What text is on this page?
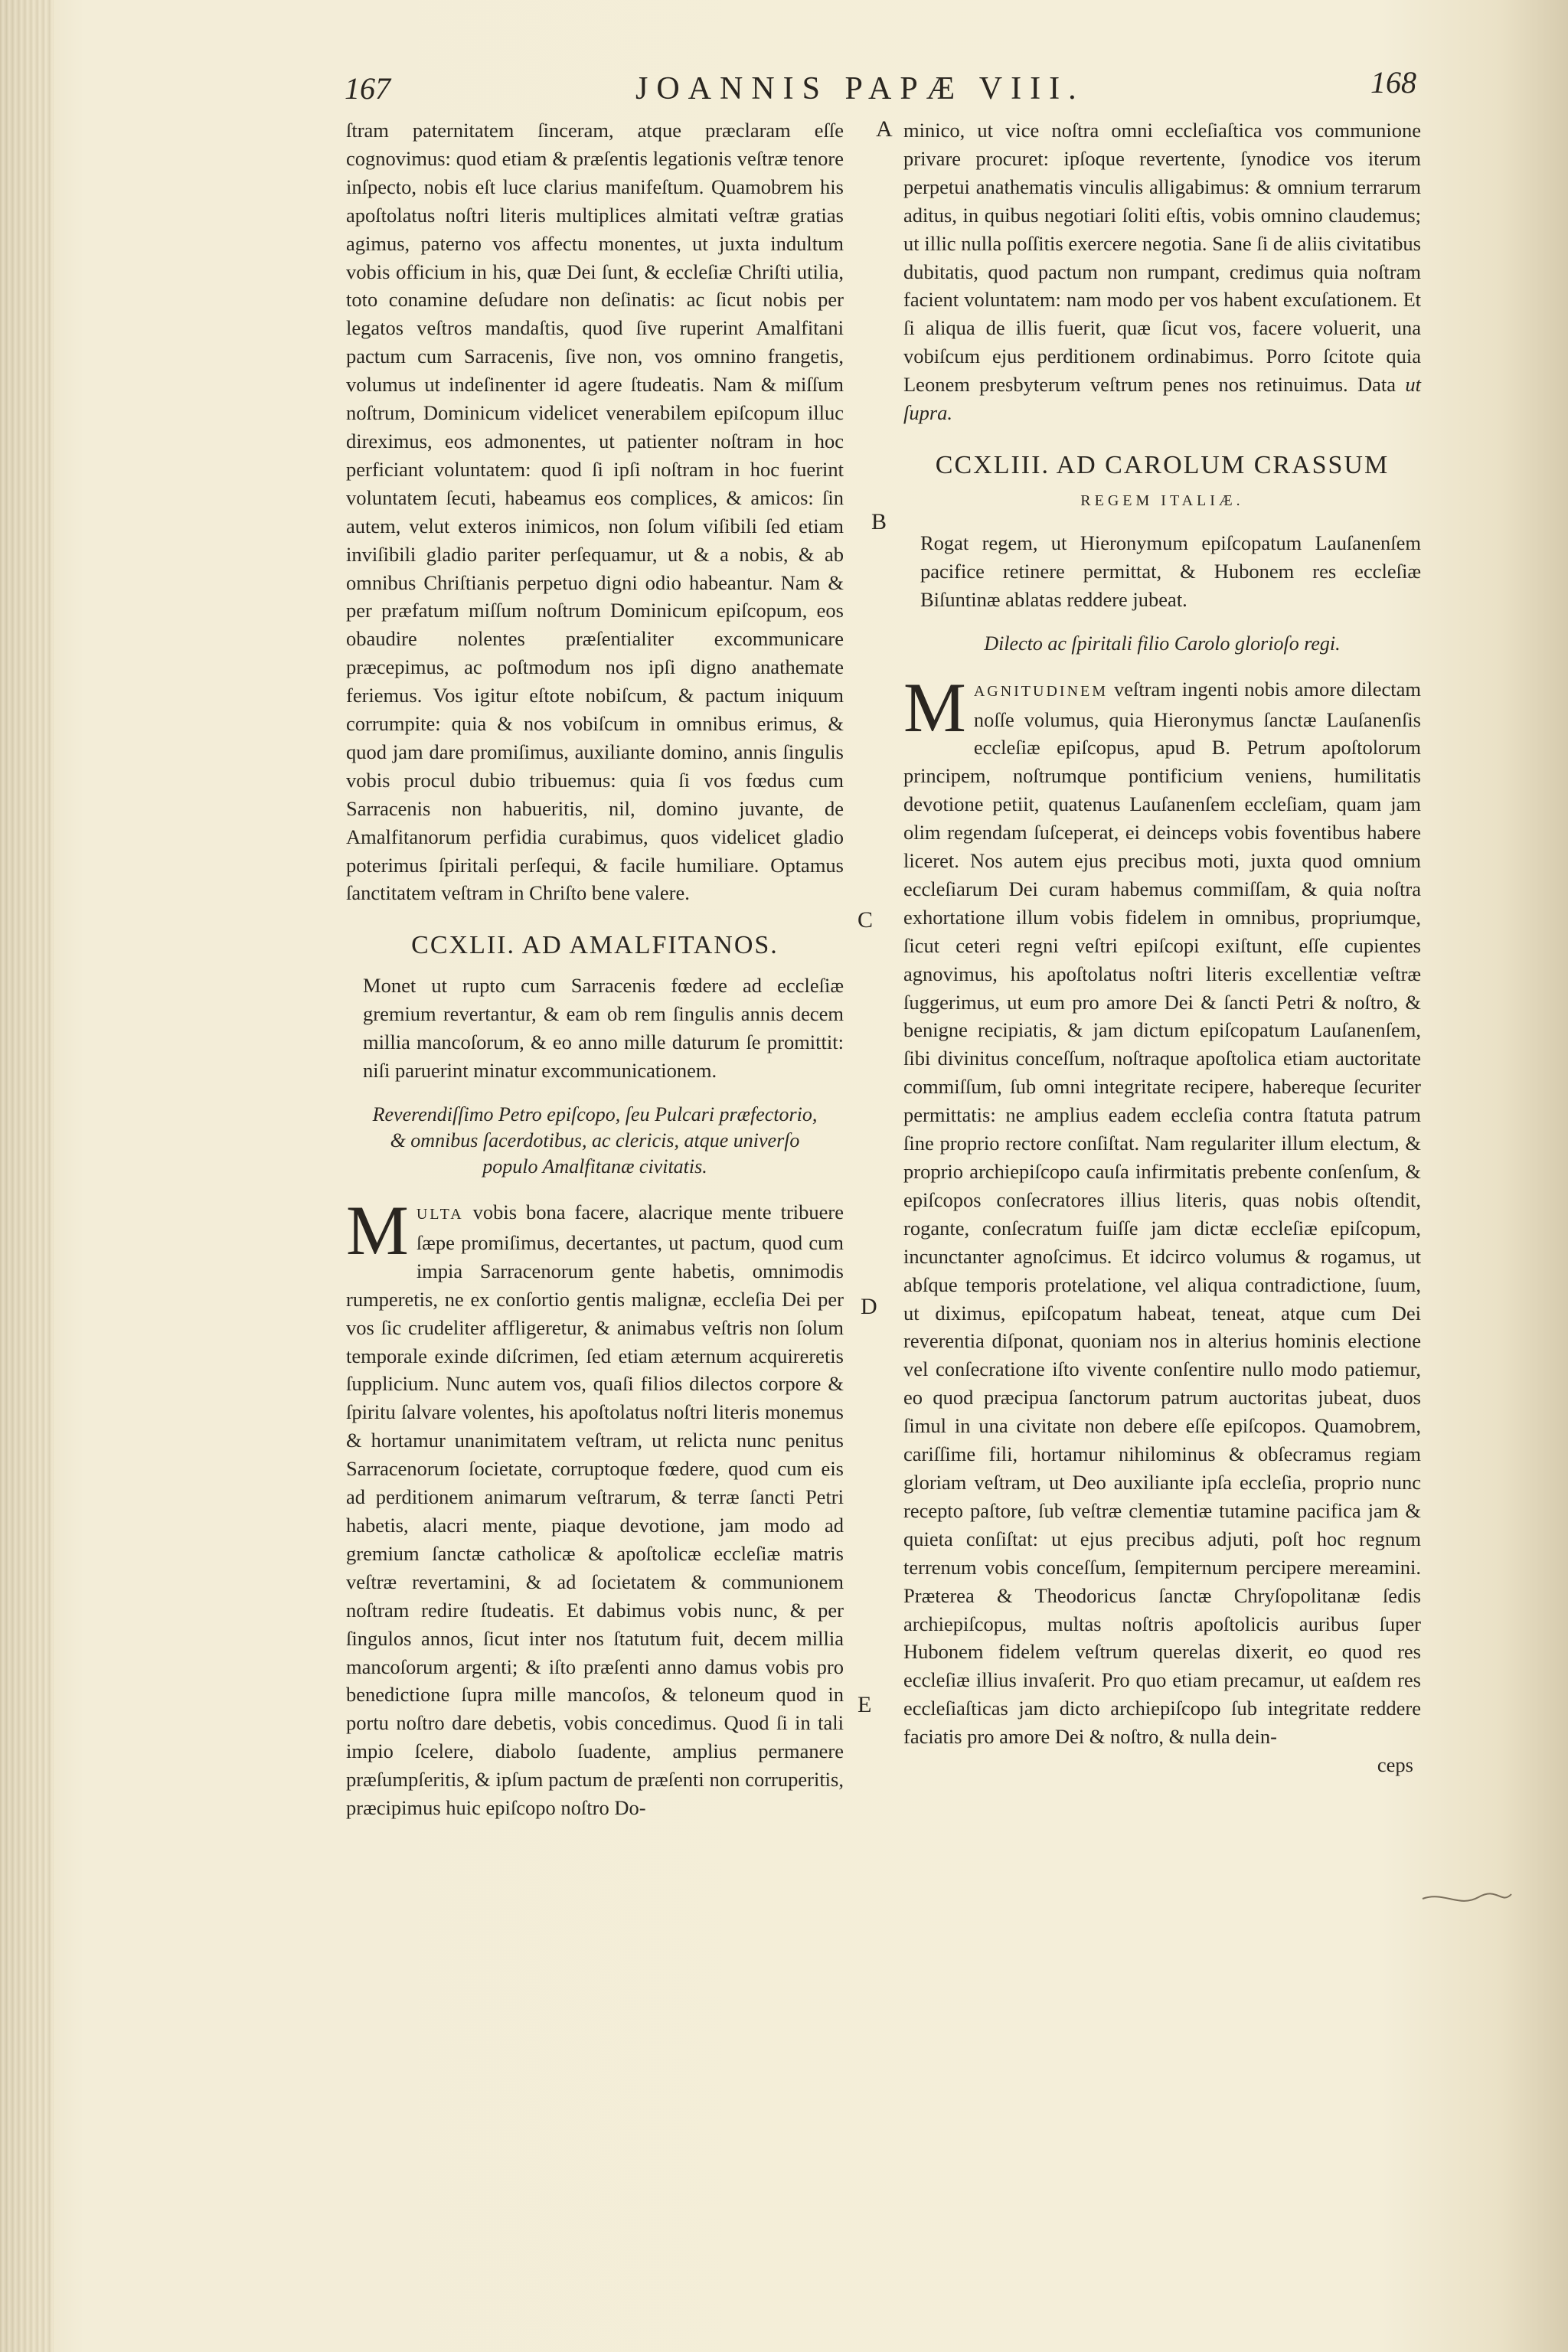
167	JOANNIS PAPÆ VIII.	168
A
B
C
D
E

ſtram paternitatem ſinceram, atque præclaram eſſe cognovimus: quod etiam & præſentis legationis veſtræ tenore inſpecto, nobis eſt luce clarius manifeſtum. Quamobrem his apoſtolatus noſtri literis multiplices almitati veſtræ gratias agimus, paterno vos affectu monentes, ut juxta indultum vobis officium in his, quæ Dei ſunt, & eccleſiæ Chriſti utilia, toto conamine deſudare non deſinatis: ac ſicut nobis per legatos veſtros mandaſtis, quod ſive ruperint Amalfitani pactum cum Sarracenis, ſive non, vos omnino frangetis, volumus ut indeſinenter id agere ſtudeatis. Nam & miſſum noſtrum, Dominicum videlicet venerabilem epiſcopum illuc direximus, eos admonentes, ut patienter noſtram in hoc perficiant voluntatem: quod ſi ipſi noſtram in hoc fuerint voluntatem ſecuti, habeamus eos complices, & amicos: ſin autem, velut exteros inimicos, non ſolum viſibili ſed etiam inviſibili gladio pariter perſequamur, ut & a nobis, & ab omnibus Chriſtianis perpetuo digni odio habeantur. Nam & per præfatum miſſum noſtrum Dominicum epiſcopum, eos obaudire nolentes præſentialiter excommunicare præcepimus, ac poſtmodum nos ipſi digno anathemate feriemus. Vos igitur eſtote nobiſcum, & pactum iniquum corrumpite: quia & nos vobiſcum in omnibus erimus, & quod jam dare promiſimus, auxiliante domino, annis ſingulis vobis procul dubio tribuemus: quia ſi vos fœdus cum Sarracenis non habueritis, nil, domino juvante, de Amalfitanorum perfidia curabimus, quos videlicet gladio poterimus ſpiritali perſequi, & facile humiliare. Optamus ſanctitatem veſtram in Chriſto bene valere.

CCXLII. AD AMALFITANOS.
Monet ut rupto cum Sarracenis fœdere ad eccleſiæ gremium revertantur, & eam ob rem ſingulis annis decem millia mancoſorum, & eo anno mille daturum ſe promittit: niſi paruerint minatur excommunicationem.
Reverendiſſimo Petro epiſcopo, ſeu Pulcari præfectorio, & omnibus ſacerdotibus, ac clericis, atque univerſo populo Amalfitanæ civitatis.

MULTA vobis bona facere, alacrique mente tribuere ſæpe promiſimus, decertantes, ut pactum, quod cum impia Sarracenorum gente habetis, omnimodis rumperetis, ne ex conſortio gentis malignæ, eccleſia Dei per vos ſic crudeliter affligeretur, & animabus veſtris non ſolum temporale exinde diſcrimen, ſed etiam æternum acquireretis ſupplicium. Nunc autem vos, quaſi filios dilectos corpore & ſpiritu ſalvare volentes, his apoſtolatus noſtri literis monemus & hortamur unanimitatem veſtram, ut relicta nunc penitus Sarracenorum ſocietate, corruptoque fœdere, quod cum eis ad perditionem animarum veſtrarum, & terræ ſancti Petri habetis, alacri mente, piaque devotione, jam modo ad gremium ſanctæ catholicæ & apoſtolicæ eccleſiæ matris veſtræ revertamini, & ad ſocietatem & communionem noſtram redire ſtudeatis. Et dabimus vobis nunc, & per ſingulos annos, ſicut inter nos ſtatutum fuit, decem millia mancoſorum argenti; & iſto præſenti anno damus vobis pro benedictione ſupra mille mancoſos, & teloneum quod in portu noſtro dare debetis, vobis concedimus. Quod ſi in tali impio ſcelere, diabolo ſuadente, amplius permanere præſumpſeritis, & ipſum pactum de præſenti non corruperitis, præcipimus huic epiſcopo noſtro Do-

minico, ut vice noſtra omni eccleſiaſtica vos communione privare procuret: ipſoque revertente, ſynodice vos iterum perpetui anathematis vinculis alligabimus: & omnium terrarum aditus, in quibus negotiari ſoliti eſtis, vobis omnino claudemus; ut illic nulla poſſitis exercere negotia. Sane ſi de aliis civitatibus dubitatis, quod pactum non rumpant, credimus quia noſtram facient voluntatem: nam modo per vos habent excuſationem. Et ſi aliqua de illis fuerit, quæ ſicut vos, facere voluerit, una vobiſcum ejus perditionem ordinabimus. Porro ſcitote quia Leonem presbyterum veſtrum penes nos retinuimus. Data ut ſupra.

CCXLIII. AD CAROLUM CRASSUM
REGEM ITALIÆ.
Rogat regem, ut Hieronymum epiſcopatum Lauſanenſem pacifice retinere permittat, & Hubonem res eccleſiæ Biſuntinæ ablatas reddere jubeat.
Dilecto ac ſpiritali filio Carolo glorioſo regi.

MAGNITUDINEM veſtram ingenti nobis amore dilectam noſſe volumus, quia Hieronymus ſanctæ Lauſanenſis eccleſiæ epiſcopus, apud B. Petrum apoſtolorum principem, noſtrumque pontificium veniens, humilitatis devotione petiit, quatenus Lauſanenſem eccleſiam, quam jam olim regendam ſuſceperat, ei deinceps vobis foventibus habere liceret. Nos autem ejus precibus moti, juxta quod omnium eccleſiarum Dei curam habemus commiſſam, & quia noſtra exhortatione illum vobis fidelem in omnibus, propriumque, ſicut ceteri regni veſtri epiſcopi exiſtunt, eſſe cupientes agnovimus, his apoſtolatus noſtri literis excellentiæ veſtræ ſuggerimus, ut eum pro amore Dei & ſancti Petri & noſtro, & benigne recipiatis, & jam dictum epiſcopatum Lauſanenſem, ſibi divinitus conceſſum, noſtraque apoſtolica etiam auctoritate commiſſum, ſub omni integritate recipere, habereque ſecuriter permittatis: ne amplius eadem eccleſia contra ſtatuta patrum ſine proprio rectore conſiſtat. Nam regulariter illum electum, & proprio archiepiſcopo cauſa infirmitatis prebente conſenſum, & epiſcopos conſecratores illius literis, quas nobis oſtendit, rogante, conſecratum fuiſſe jam dictæ eccleſiæ epiſcopum, incunctanter agnoſcimus. Et idcirco volumus & rogamus, ut abſque temporis protelatione, vel aliqua contradictione, ſuum, ut diximus, epiſcopatum habeat, teneat, atque cum Dei reverentia diſponat, quoniam nos in alterius hominis electione vel conſecratione iſto vivente conſentire nullo modo patiemur, eo quod præcipua ſanctorum patrum auctoritas jubeat, duos ſimul in una civitate non debere eſſe epiſcopos. Quamobrem, cariſſime fili, hortamur nihilominus & obſecramus regiam gloriam veſtram, ut Deo auxiliante ipſa eccleſia, proprio nunc recepto paſtore, ſub veſtræ clementiæ tutamine pacifica jam & quieta conſiſtat: ut ejus precibus adjuti, poſt hoc regnum terrenum vobis conceſſum, ſempiternum percipere mereamini. Præterea & Theodoricus ſanctæ Chryſopolitanæ ſedis archiepiſcopus, multas noſtris apoſtolicis auribus ſuper Hubonem fidelem veſtrum querelas dixerit, eo quod res eccleſiæ illius invaſerit. Pro quo etiam precamur, ut eaſdem res eccleſiaſticas jam dicto archiepiſcopo ſub integritate reddere faciatis pro amore Dei & noſtro, & nulla dein-

ceps
